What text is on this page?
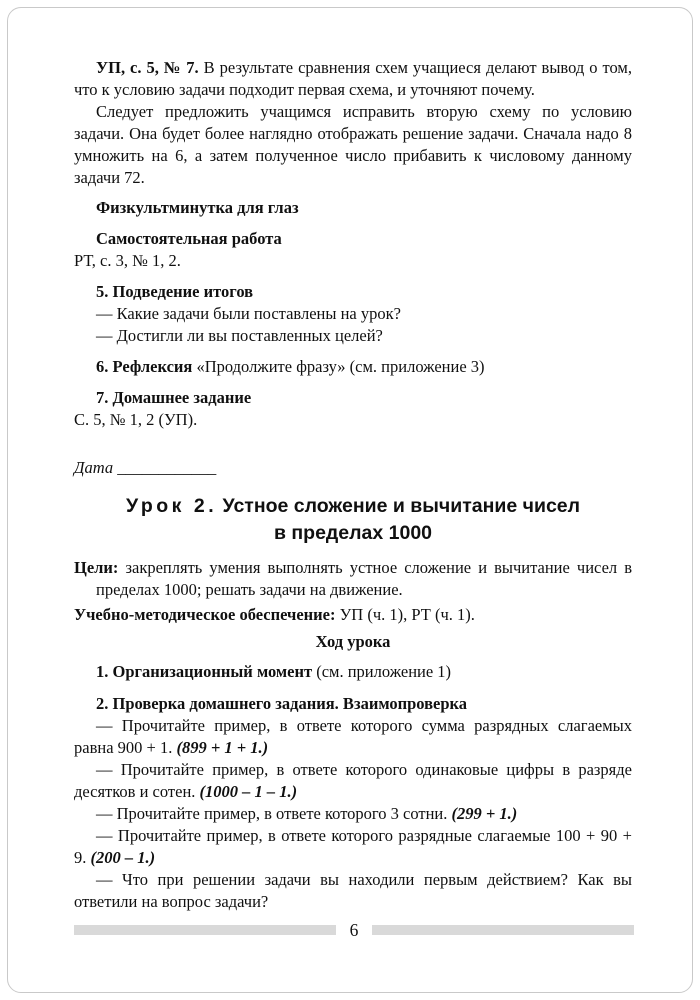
УП, с. 5, № 7. В результате сравнения схем учащиеся делают вывод о том, что к условию задачи подходит первая схема, и уточняют почему.
Следует предложить учащимся исправить вторую схему по условию задачи. Она будет более наглядно отображать решение задачи. Сначала надо 8 умножить на 6, а затем полученное число прибавить к числовому данному задачи 72.
Физкультминутка для глаз
Самостоятельная работа
РТ, с. 3, № 1, 2.
5. Подведение итогов
— Какие задачи были поставлены на урок?
— Достигли ли вы поставленных целей?
6. Рефлексия «Продолжите фразу» (см. приложение 3)
7. Домашнее задание
С. 5, № 1, 2 (УП).
Дата ____________
Урок 2. Устное сложение и вычитание чисел
в пределах 1000
Цели: закреплять умения выполнять устное сложение и вычитание чисел в пределах 1000; решать задачи на движение.
Учебно-методическое обеспечение: УП (ч. 1), РТ (ч. 1).
Ход урока
1. Организационный момент (см. приложение 1)
2. Проверка домашнего задания. Взаимопроверка
— Прочитайте пример, в ответе которого сумма разрядных слагаемых равна 900 + 1. (899 + 1 + 1.)
— Прочитайте пример, в ответе которого одинаковые цифры в разряде десятков и сотен. (1000 – 1 – 1.)
— Прочитайте пример, в ответе которого 3 сотни. (299 + 1.)
— Прочитайте пример, в ответе которого разрядные слагаемые 100 + 90 + 9. (200 – 1.)
— Что при решении задачи вы находили первым действием? Как вы ответили на вопрос задачи?
6
